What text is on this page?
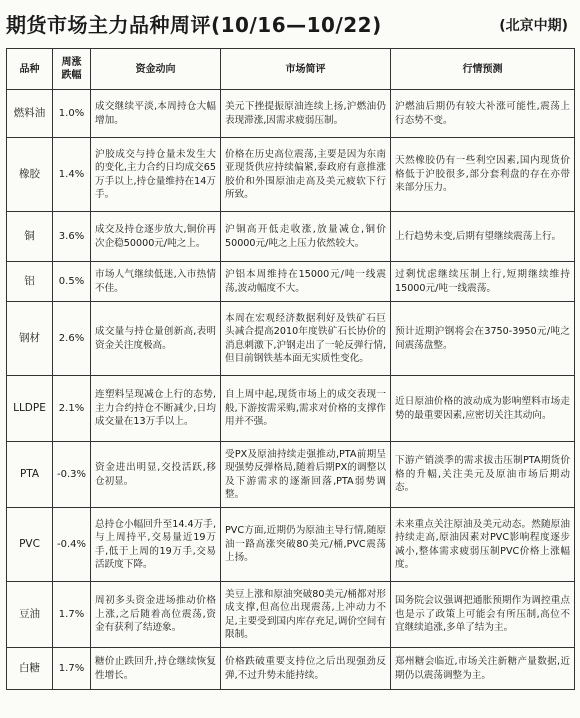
期货市场主力品种周评(10/16—10/22)	(北京中期)
品种	周涨跌幅	资金动向	市场简评	行情预测
燃料油	1.0%	成交继续平淡,本周持仓大幅增加。	美元下挫提振原油连续上扬,沪燃油仍表现滞涨,因需求疲弱压制。	沪燃油后期仍有较大补涨可能性,震荡上行态势不变。
橡胶	1.4%	沪胶成交与持仓量未发生大的变化,主力合约日均成交65万手以上,持仓量维持在14万手。	价格在历史高位震荡,主要是因为东南亚现货供应持续偏紧,泰政府有意推涨胶价和外围原油走高及美元疲软下行所致。	天然橡胶仍有一些利空因素,国内现货价格低于沪胶很多,部分套利盘的存在亦带来部分压力。
铜	3.6%	成交及持仓逐步放大,铜价再次企稳50000元/吨之上。	沪铜高开低走收涨,放量减仓,铜价50000元/吨之上压力依然较大。	上行趋势未变,后期有望继续震荡上行。
铝	0.5%	市场人气继续低迷,入市热情不佳。	沪铝本周维持在15000元/吨一线震荡,波动幅度不大。	过剩忧虑继续压制上行,短期继续维持15000元/吨一线震荡。
钢材	2.6%	成交量与持仓量创新高,表明资金关注度极高。	本周在宏观经济数据利好及铁矿石巨头减合提高2010年度铁矿石长协价的消息刺激下,沪钢走出了一轮反弹行情,但目前钢铁基本面无实质性变化。	预计近期沪钢将会在3750-3950元/吨之间震荡盘整。
LLDPE	2.1%	连塑料呈现减仓上行的态势,主力合约持仓不断减少,日均成交量在13万手以上。	自上周中起,现货市场上的成交表现一般,下游按需采购,需求对价格的支撑作用并不强。	近日原油价格的波动成为影响塑料市场走势的最重要因素,应密切关注其动向。
PTA	-0.3%	资金进出明显,交投活跃,移仓初显。	受PX及原油持续走强推动,PTA前期呈现强势反弹格局,随着后期PX的调整以及下游需求的逐渐回落,PTA弱势调整。	下游产销淡季的需求拔击压制PTA期货价格的升幅,关注美元及原油市场后期动态。
PVC	-0.4%	总持仓小幅回升至14.4万手,与上周持平,交易量近19万手,低于上周的19万手,交易活跃度下降。	PVC方面,近期仍为原油主导行情,随原油一路高涨突破80美元/桶,PVC震荡上扬。	未来重点关注原油及美元动态。然随原油持续走高,原油因素对PVC影响程度逐步减小,整体需求疲弱压制PVC价格上涨幅度。
豆油	1.7%	周初多头资金进场推动价格上涨,之后随着高位震荡,资金有获利了结迹象。	美豆上涨和原油突破80美元/桶都对形成支撑,但高位出现震荡,上冲动力不足,主要受到国内库存充足,调价空间有限制。	国务院会议强调把通胀预期作为调控重点也是示了政策上可能会有所压制,高位不宜继续追涨,多单了结为主。
白糖	1.7%	糖价止跌回升,持仓继续恢复性增长。	价格跌破重要支持位之后出现强劲反弹,不过升势未能持续。	郑州糖会临近,市场关注新糖产量数据,近期仍以震荡调整为主。
